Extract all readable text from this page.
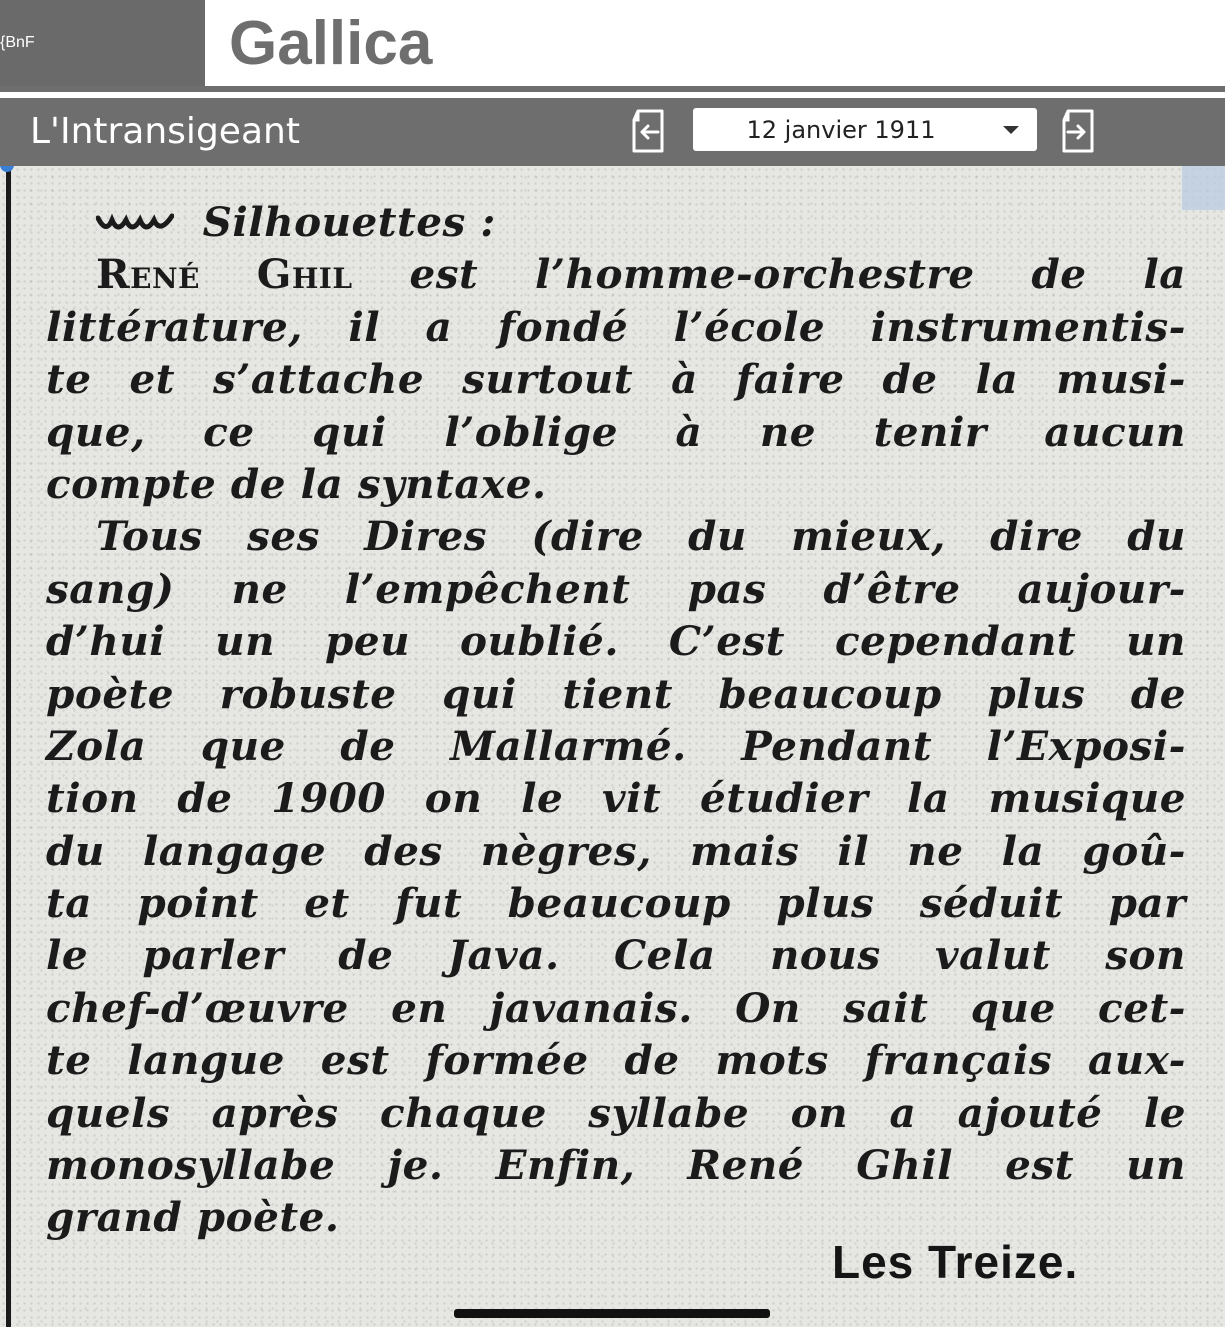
{BnF	Gallica
L'Intransigeant	12 janvier 1911
Silhouettes :
René Ghil est l’homme-orchestre de la
littérature, il a fondé l’école instrumentis-
te et s’attache surtout à faire de la musi-
que, ce qui l’oblige à ne tenir aucun
compte de la syntaxe.
Tous ses Dires (dire du mieux, dire du
sang) ne l’empêchent pas d’être aujour-
d’hui un peu oublié. C’est cependant un
poète robuste qui tient beaucoup plus de
Zola que de Mallarmé. Pendant l’Exposi-
tion de 1900 on le vit étudier la musique
du langage des nègres, mais il ne la goû-
ta point et fut beaucoup plus séduit par
le parler de Java. Cela nous valut son
chef-d’œuvre en javanais. On sait que cet-
te langue est formée de mots français aux-
quels après chaque syllabe on a ajouté le
monosyllabe je. Enfin, René Ghil est un
grand poète.
Les Treize.
